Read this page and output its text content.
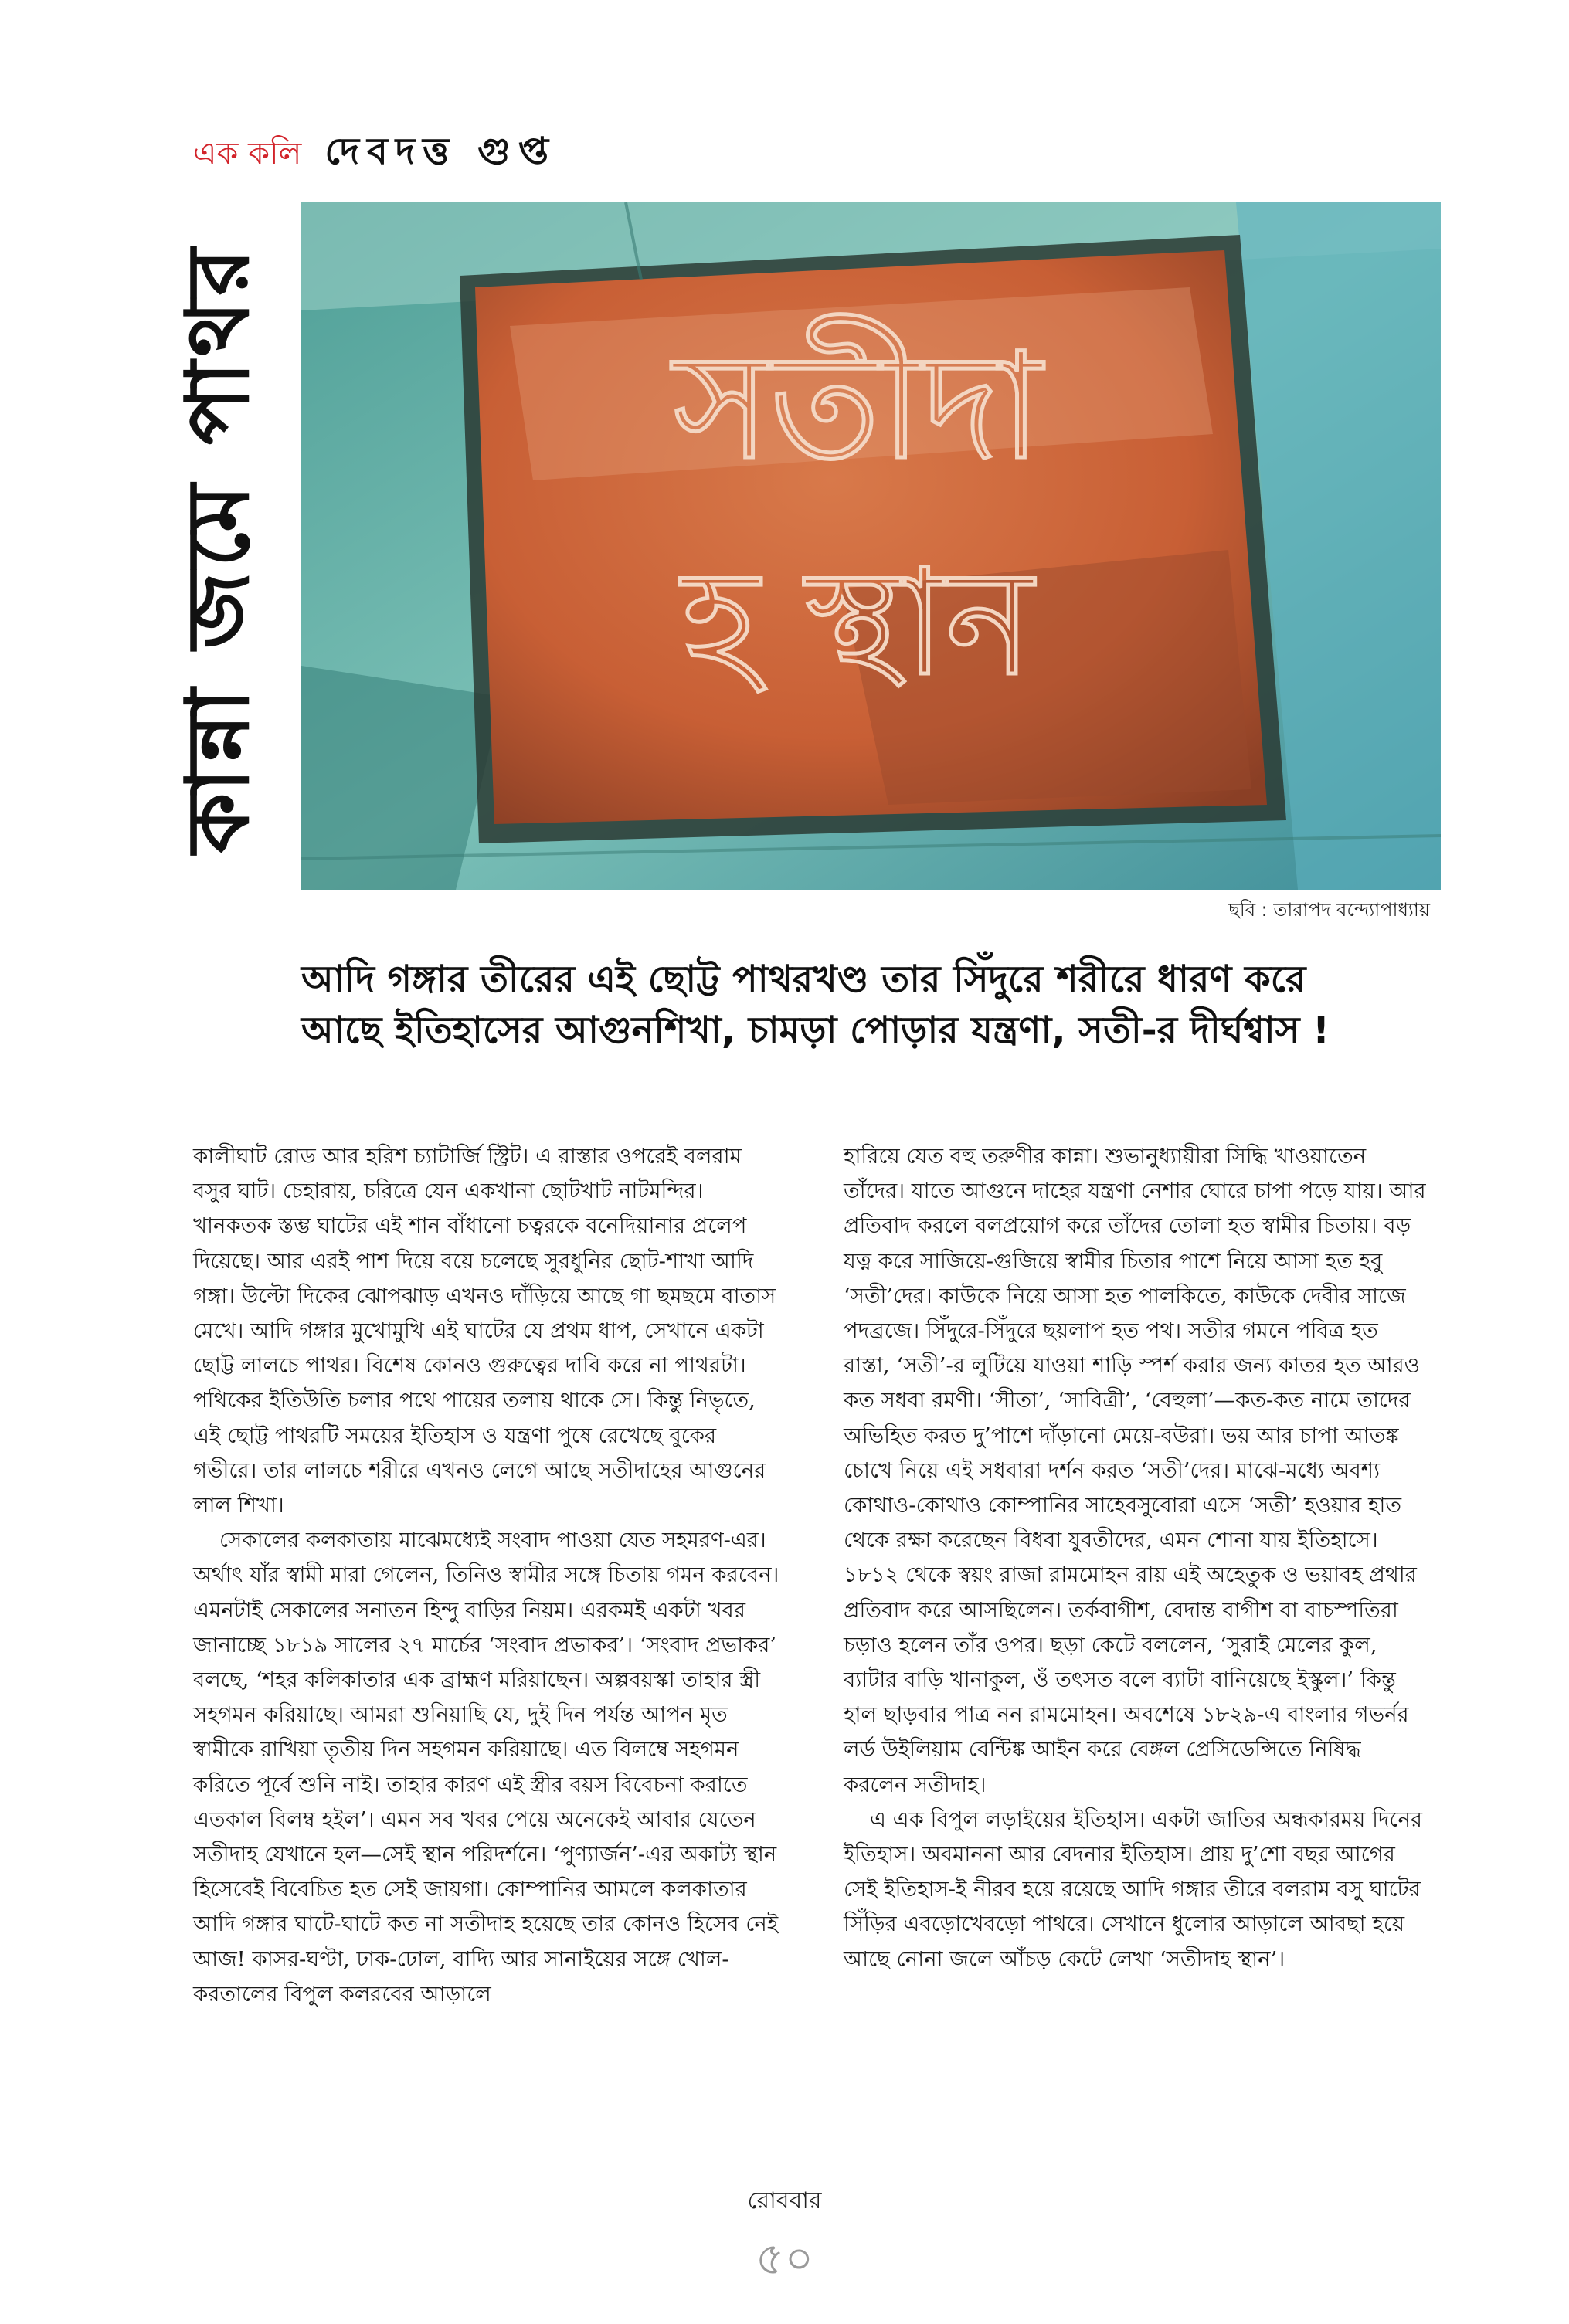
এক কলি দেবদত্ত গুপ্ত
কান্না জমে পাথর	সতীদা
হ স্থান
ছবি : তারাপদ বন্দ্যোপাধ্যায়
আদি গঙ্গার তীরের এই ছোট্ট পাথরখণ্ড তার সিঁদুরে শরীরে ধারণ করে
আছে ইতিহাসের আগুনশিখা, চামড়া পোড়ার যন্ত্রণা, সতী-র দীর্ঘশ্বাস !

কালীঘাট রোড আর হরিশ চ্যাটার্জি স্ট্রিট। এ রাস্তার ওপরেই বলরাম বসুর ঘাট। চেহারায়, চরিত্রে যেন একখানা ছোটখাট নাটমন্দির। খানকতক স্তম্ভ ঘাটের এই শান বাঁধানো চত্বরকে বনেদিয়ানার প্রলেপ দিয়েছে। আর এরই পাশ দিয়ে বয়ে চলেছে সুরধুনির ছোট-শাখা আদি গঙ্গা। উল্টো দিকের ঝোপঝাড় এখনও দাঁড়িয়ে আছে গা ছমছমে বাতাস মেখে। আদি গঙ্গার মুখোমুখি এই ঘাটের যে প্রথম ধাপ, সেখানে একটা ছোট্ট লালচে পাথর। বিশেষ কোনও গুরুত্বের দাবি করে না পাথরটা। পথিকের ইতিউতি চলার পথে পায়ের তলায় থাকে সে। কিন্তু নিভৃতে, এই ছোট্ট পাথরটি সময়ের ইতিহাস ও যন্ত্রণা পুষে রেখেছে বুকের গভীরে। তার লালচে শরীরে এখনও লেগে আছে সতীদাহের আগুনের লাল শিখা।

সেকালের কলকাতায় মাঝেমধ্যেই সংবাদ পাওয়া যেত সহমরণ-এর। অর্থাৎ যাঁর স্বামী মারা গেলেন, তিনিও স্বামীর সঙ্গে চিতায় গমন করবেন। এমনটাই সেকালের সনাতন হিন্দু বাড়ির নিয়ম। এরকমই একটা খবর জানাচ্ছে ১৮১৯ সালের ২৭ মার্চের ‘সংবাদ প্রভাকর’। ‘সংবাদ প্রভাকর’ বলছে, ‘শহর কলিকাতার এক ব্রাহ্মণ মরিয়াছেন। অল্পবয়স্কা তাহার স্ত্রী সহগমন করিয়াছে। আমরা শুনিয়াছি যে, দুই দিন পর্যন্ত আপন মৃত স্বামীকে রাখিয়া তৃতীয় দিন সহগমন করিয়াছে। এত বিলম্বে সহগমন করিতে পূর্বে শুনি নাই। তাহার কারণ এই স্ত্রীর বয়স বিবেচনা করাতে এতকাল বিলম্ব হইল’। এমন সব খবর পেয়ে অনেকেই আবার যেতেন সতীদাহ যেখানে হল—সেই স্থান পরিদর্শনে। ‘পুণ্যার্জন’-এর অকাট্য স্থান হিসেবেই বিবেচিত হত সেই জায়গা। কোম্পানির আমলে কলকাতার আদি গঙ্গার ঘাটে-ঘাটে কত না সতীদাহ হয়েছে তার কোনও হিসেব নেই আজ! কাসর-ঘণ্টা, ঢাক-ঢোল, বাদ্যি আর সানাইয়ের সঙ্গে খোল-করতালের বিপুল কলরবের আড়ালে

হারিয়ে যেত বহু তরুণীর কান্না। শুভানুধ্যায়ীরা সিদ্ধি খাওয়াতেন তাঁদের। যাতে আগুনে দাহের যন্ত্রণা নেশার ঘোরে চাপা পড়ে যায়। আর প্রতিবাদ করলে বলপ্রয়োগ করে তাঁদের তোলা হত স্বামীর চিতায়। বড় যত্ন করে সাজিয়ে-গুজিয়ে স্বামীর চিতার পাশে নিয়ে আসা হত হবু ‘সতী’দের। কাউকে নিয়ে আসা হত পালকিতে, কাউকে দেবীর সাজে পদব্রজে। সিঁদুরে-সিঁদুরে ছয়লাপ হত পথ। সতীর গমনে পবিত্র হত রাস্তা, ‘সতী’-র লুটিয়ে যাওয়া শাড়ি স্পর্শ করার জন্য কাতর হত আরও কত সধবা রমণী। ‘সীতা’, ‘সাবিত্রী’, ‘বেহুলা’—কত-কত নামে তাদের অভিহিত করত দু’পাশে দাঁড়ানো মেয়ে-বউরা। ভয় আর চাপা আতঙ্ক চোখে নিয়ে এই সধবারা দর্শন করত ‘সতী’দের। মাঝে-মধ্যে অবশ্য কোথাও-কোথাও কোম্পানির সাহেবসুবোরা এসে ‘সতী’ হওয়ার হাত থেকে রক্ষা করেছেন বিধবা যুবতীদের, এমন শোনা যায় ইতিহাসে। ১৮১২ থেকে স্বয়ং রাজা রামমোহন রায় এই অহেতুক ও ভয়াবহ প্রথার প্রতিবাদ করে আসছিলেন। তর্কবাগীশ, বেদান্ত বাগীশ বা বাচস্পতিরা চড়াও হলেন তাঁর ওপর। ছড়া কেটে বললেন, ‘সুরাই মেলের কুল, ব্যাটার বাড়ি খানাকুল, ওঁ তৎসত বলে ব্যাটা বানিয়েছে ইস্কুল।’ কিন্তু হাল ছাড়বার পাত্র নন রামমোহন। অবশেষে ১৮২৯-এ বাংলার গভর্নর লর্ড উইলিয়াম বেন্টিঙ্ক আইন করে বেঙ্গল প্রেসিডেন্সিতে নিষিদ্ধ করলেন সতীদাহ।

এ এক বিপুল লড়াইয়ের ইতিহাস। একটা জাতির অন্ধকারময় দিনের ইতিহাস। অবমাননা আর বেদনার ইতিহাস। প্রায় দু’শো বছর আগের সেই ইতিহাস-ই নীরব হয়ে রয়েছে আদি গঙ্গার তীরে বলরাম বসু ঘাটের সিঁড়ির এবড়োখেবড়ো পাথরে। সেখানে ধুলোর আড়ালে আবছা হয়ে আছে নোনা জলে আঁচড় কেটে লেখা ‘সতীদাহ স্থান’।

রোববার
৫০
